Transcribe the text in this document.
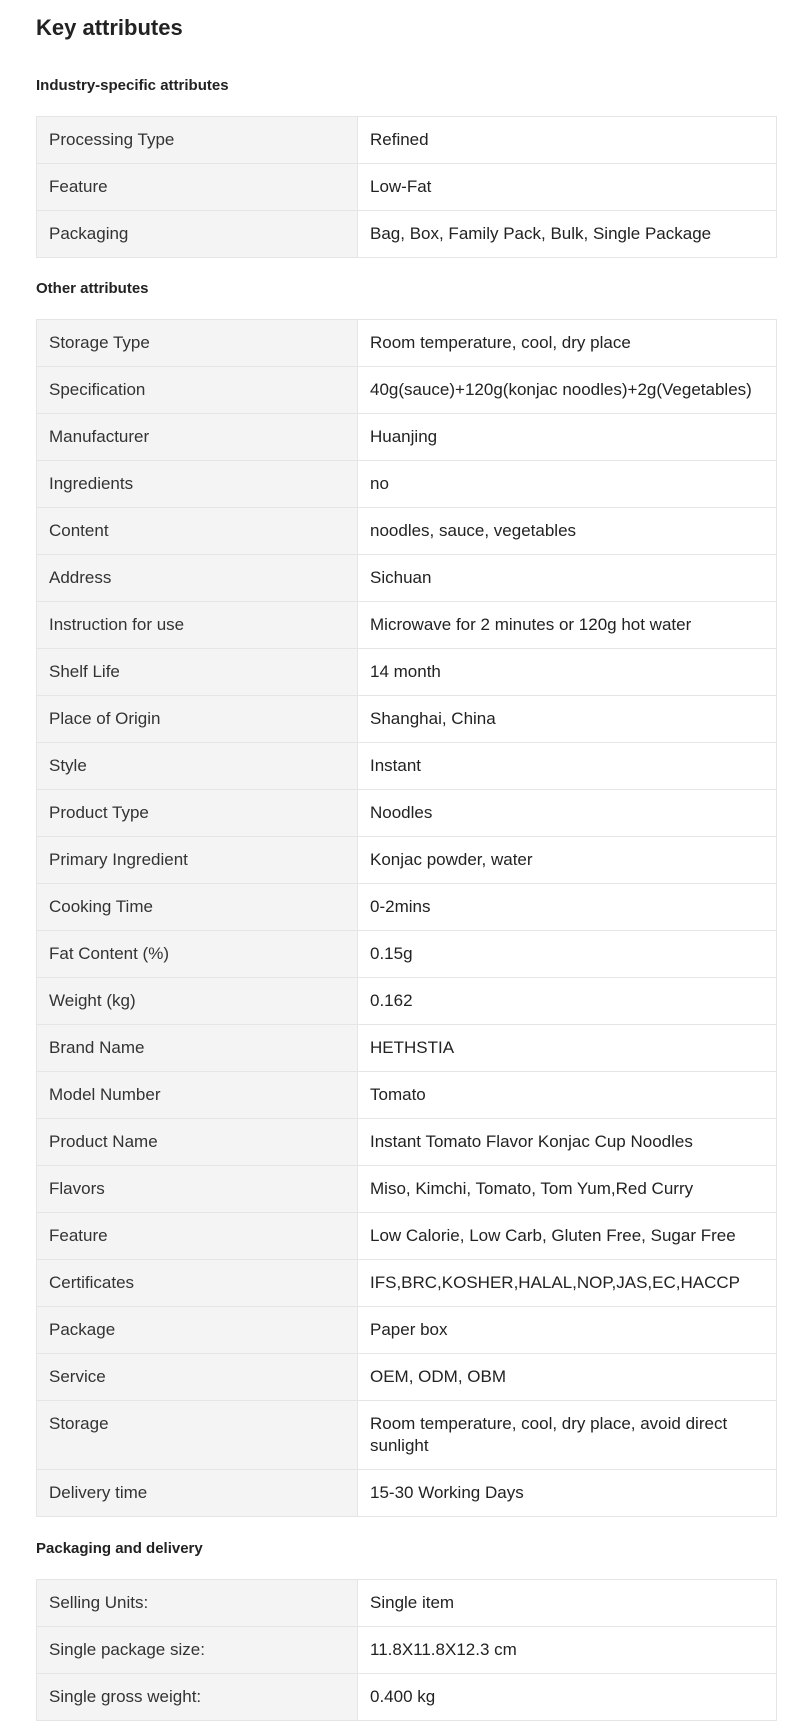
Key attributes
Industry-specific attributes
Processing Type	Refined
Feature	Low-Fat
Packaging	Bag, Box, Family Pack, Bulk, Single Package
Other attributes
Storage Type	Room temperature, cool, dry place
Specification	40g(sauce)+120g(konjac noodles)+2g(Vegetables)
Manufacturer	Huanjing
Ingredients	no
Content	noodles, sauce, vegetables
Address	Sichuan
Instruction for use	Microwave for 2 minutes or 120g hot water
Shelf Life	14 month
Place of Origin	Shanghai, China
Style	Instant
Product Type	Noodles
Primary Ingredient	Konjac powder, water
Cooking Time	0-2mins
Fat Content (%)	0.15g
Weight (kg)	0.162
Brand Name	HETHSTIA
Model Number	Tomato
Product Name	Instant Tomato Flavor Konjac Cup Noodles
Flavors	Miso, Kimchi, Tomato, Tom Yum,Red Curry
Feature	Low Calorie, Low Carb, Gluten Free, Sugar Free
Certificates	IFS,BRC,KOSHER,HALAL,NOP,JAS,EC,HACCP
Package	Paper box
Service	OEM, ODM, OBM
Storage	Room temperature, cool, dry place, avoid direct sunlight
Delivery time	15-30 Working Days
Packaging and delivery
Selling Units:	Single item
Single package size:	11.8X11.8X12.3 cm
Single gross weight:	0.400 kg
